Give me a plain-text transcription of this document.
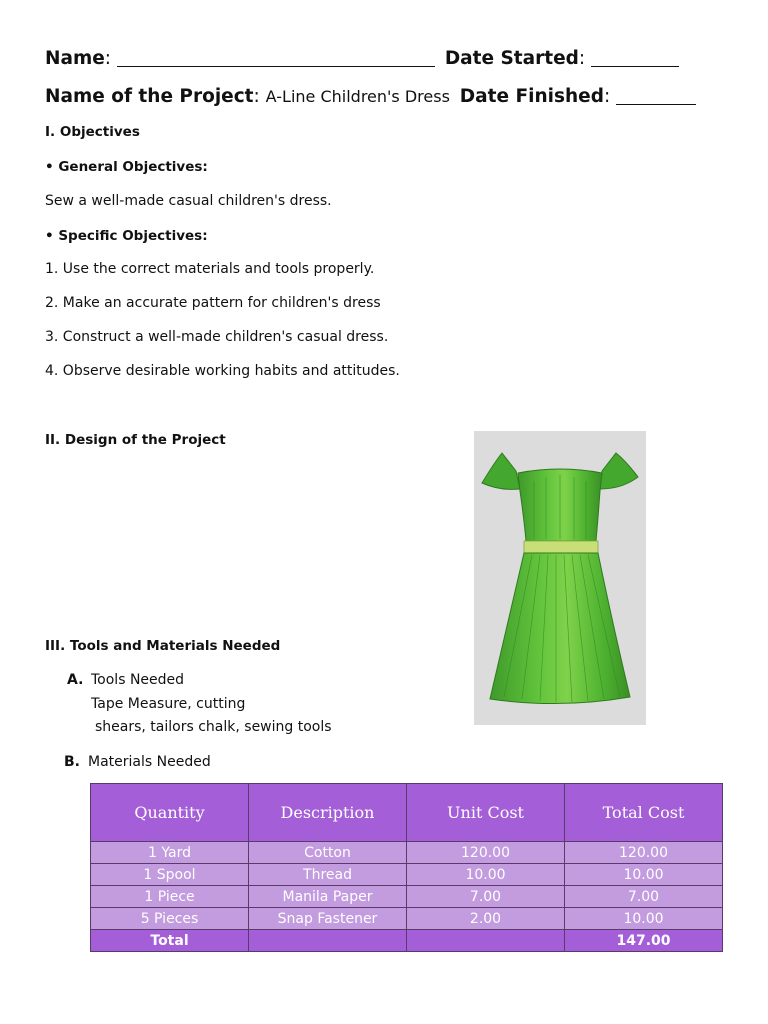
Name:	Date Started:
Name of the Project: A-Line Children's Dress Date Finished:
I. Objectives
• General Objectives:
Sew a well-made casual children's dress.
• Specific Objectives:
1. Use the correct materials and tools properly.
2. Make an accurate pattern for children's dress
3. Construct a well-made children's casual dress.
4. Observe desirable working habits and attitudes.
II. Design of the Project
III. Tools and Materials Needed
A. Tools Needed
Tape Measure, cutting
shears, tailors chalk, sewing tools
B. Materials Needed
Quantity	Description	Unit Cost	Total Cost
1 Yard	Cotton	120.00	120.00
1 Spool	Thread	10.00	10.00
1 Piece	Manila Paper	7.00	7.00
5 Pieces	Snap Fastener	2.00	10.00
Total			147.00
